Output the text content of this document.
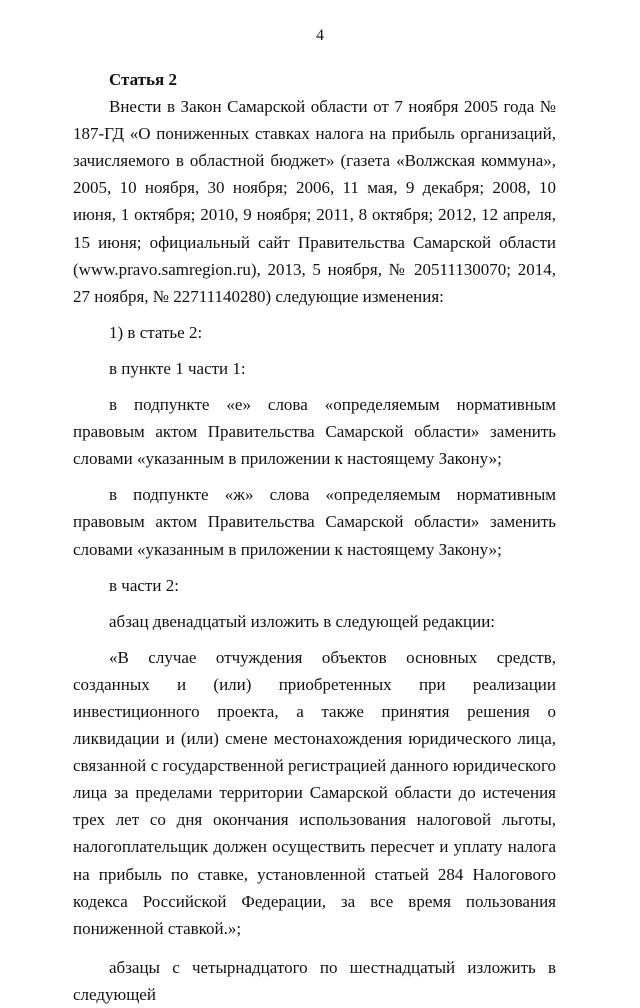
4
Статья 2

Внести в Закон Самарской области от 7 ноября 2005 года № 187-ГД «О пониженных ставках налога на прибыль организаций, зачисляемого в областной бюджет» (газета «Волжская коммуна», 2005, 10 ноября, 30 ноября; 2006, 11 мая, 9 декабря; 2008, 10 июня, 1 октября; 2010, 9 ноября; 2011, 8 октября; 2012, 12 апреля, 15 июня; официальный сайт Правительства Самарской области (www.pravo.samregion.ru), 2013, 5 ноября, № 20511130070; 2014, 27 ноября, № 22711140280) следующие изменения:

1) в статье 2:

в пункте 1 части 1:

в подпункте «е» слова «определяемым нормативным правовым актом Правительства Самарской области» заменить словами «указанным в приложении к настоящему Закону»;

в подпункте «ж» слова «определяемым нормативным правовым актом Правительства Самарской области» заменить словами «указанным в приложении к настоящему Закону»;

в части 2:

абзац двенадцатый изложить в следующей редакции:

«В случае отчуждения объектов основных средств, созданных и (или) приобретенных при реализации инвестиционного проекта, а также принятия решения о ликвидации и (или) смене местонахождения юридического лица, связанной с государственной регистрацией данного юридического лица за пределами территории Самарской области до истечения трех лет со дня окончания использования налоговой льготы, налогоплательщик должен осуществить пересчет и уплату налога на прибыль по ставке, установленной статьей 284 Налогового кодекса Российской Федерации, за все время пользования пониженной ставкой.»;

абзацы с четырнадцатого по шестнадцатый изложить в следующей
